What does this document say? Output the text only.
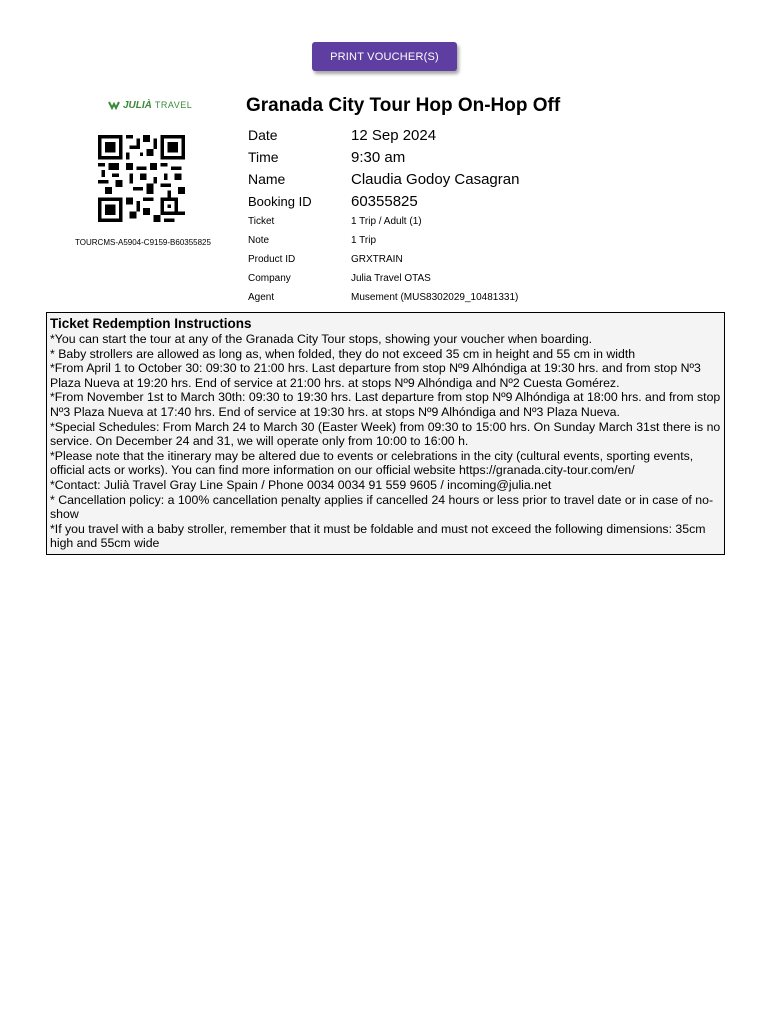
PRINT VOUCHER(S)
JULIÀ TRAVEL
TOURCMS-A5904-C9159-B60355825
Granada City Tour Hop On-Hop Off
Date	12 Sep 2024
Time	9:30 am
Name	Claudia Godoy Casagran
Booking ID	60355825
Ticket	1 Trip / Adult (1)
Note	1 Trip
Product ID	GRXTRAIN
Company	Julia Travel OTAS
Agent	Musement (MUS8302029_10481331)
Ticket Redemption Instructions

*You can start the tour at any of the Granada City Tour stops, showing your voucher when boarding.

* Baby strollers are allowed as long as, when folded, they do not exceed 35 cm in height and 55 cm in width

*From April 1 to October 30: 09:30 to 21:00 hrs. Last departure from stop Nº9 Alhóndiga at 19:30 hrs. and from stop Nº3 Plaza Nueva at 19:20 hrs. End of service at 21:00 hrs. at stops Nº9 Alhóndiga and Nº2 Cuesta Gomérez.

*From November 1st to March 30th: 09:30 to 19:30 hrs. Last departure from stop Nº9 Alhóndiga at 18:00 hrs. and from stop Nº3 Plaza Nueva at 17:40 hrs. End of service at 19:30 hrs. at stops Nº9 Alhóndiga and Nº3 Plaza Nueva.

*Special Schedules: From March 24 to March 30 (Easter Week) from 09:30 to 15:00 hrs. On Sunday March 31st there is no service. On December 24 and 31, we will operate only from 10:00 to 16:00 h.

*Please note that the itinerary may be altered due to events or celebrations in the city (cultural events, sporting events, official acts or works). You can find more information on our official website https://granada.city-tour.com/en/

*Contact: Julià Travel Gray Line Spain / Phone 0034 0034 91 559 9605 / incoming@julia.net

* Cancellation policy: a 100% cancellation penalty applies if cancelled 24 hours or less prior to travel date or in case of no-show

*If you travel with a baby stroller, remember that it must be foldable and must not exceed the following dimensions: 35cm high and 55cm wide
